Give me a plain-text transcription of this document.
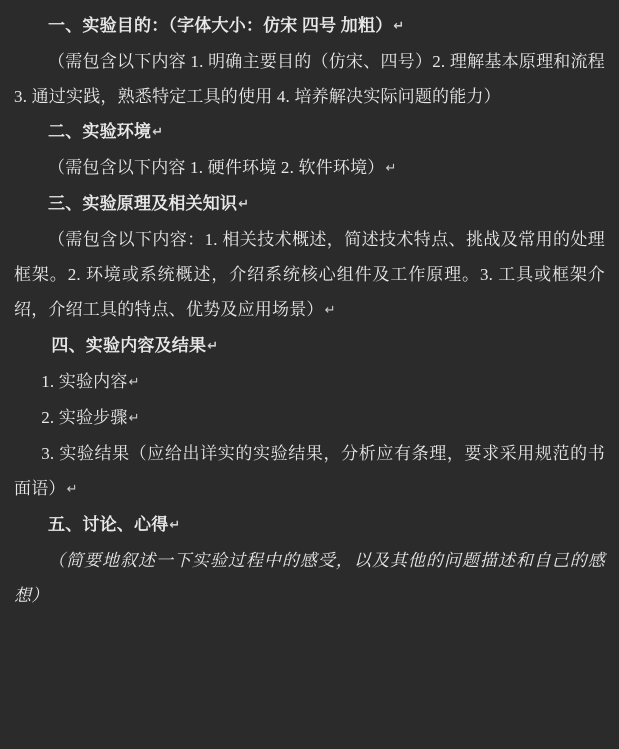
一、实验目的：（字体大小：仿宋 四号 加粗）↵

（需包含以下内容 1. 明确主要目的（仿宋、四号）2. 理解基本原理和流程 3. 通过实践，熟悉特定工具的使用 4. 培养解决实际问题的能力）

二、实验环境↵

（需包含以下内容 1. 硬件环境 2. 软件环境）↵

三、实验原理及相关知识↵

（需包含以下内容：1. 相关技术概述，简述技术特点、挑战及常用的处理框架。2. 环境或系统概述，介绍系统核心组件及工作原理。3. 工具或框架介绍，介绍工具的特点、优势及应用场景）↵

四、实验内容及结果↵

1. 实验内容↵

2. 实验步骤↵

3. 实验结果（应给出详实的实验结果，分析应有条理，要求采用规范的书面语）↵

五、讨论、心得↵

（简要地叙述一下实验过程中的感受，以及其他的问题描述和自己的感想）
